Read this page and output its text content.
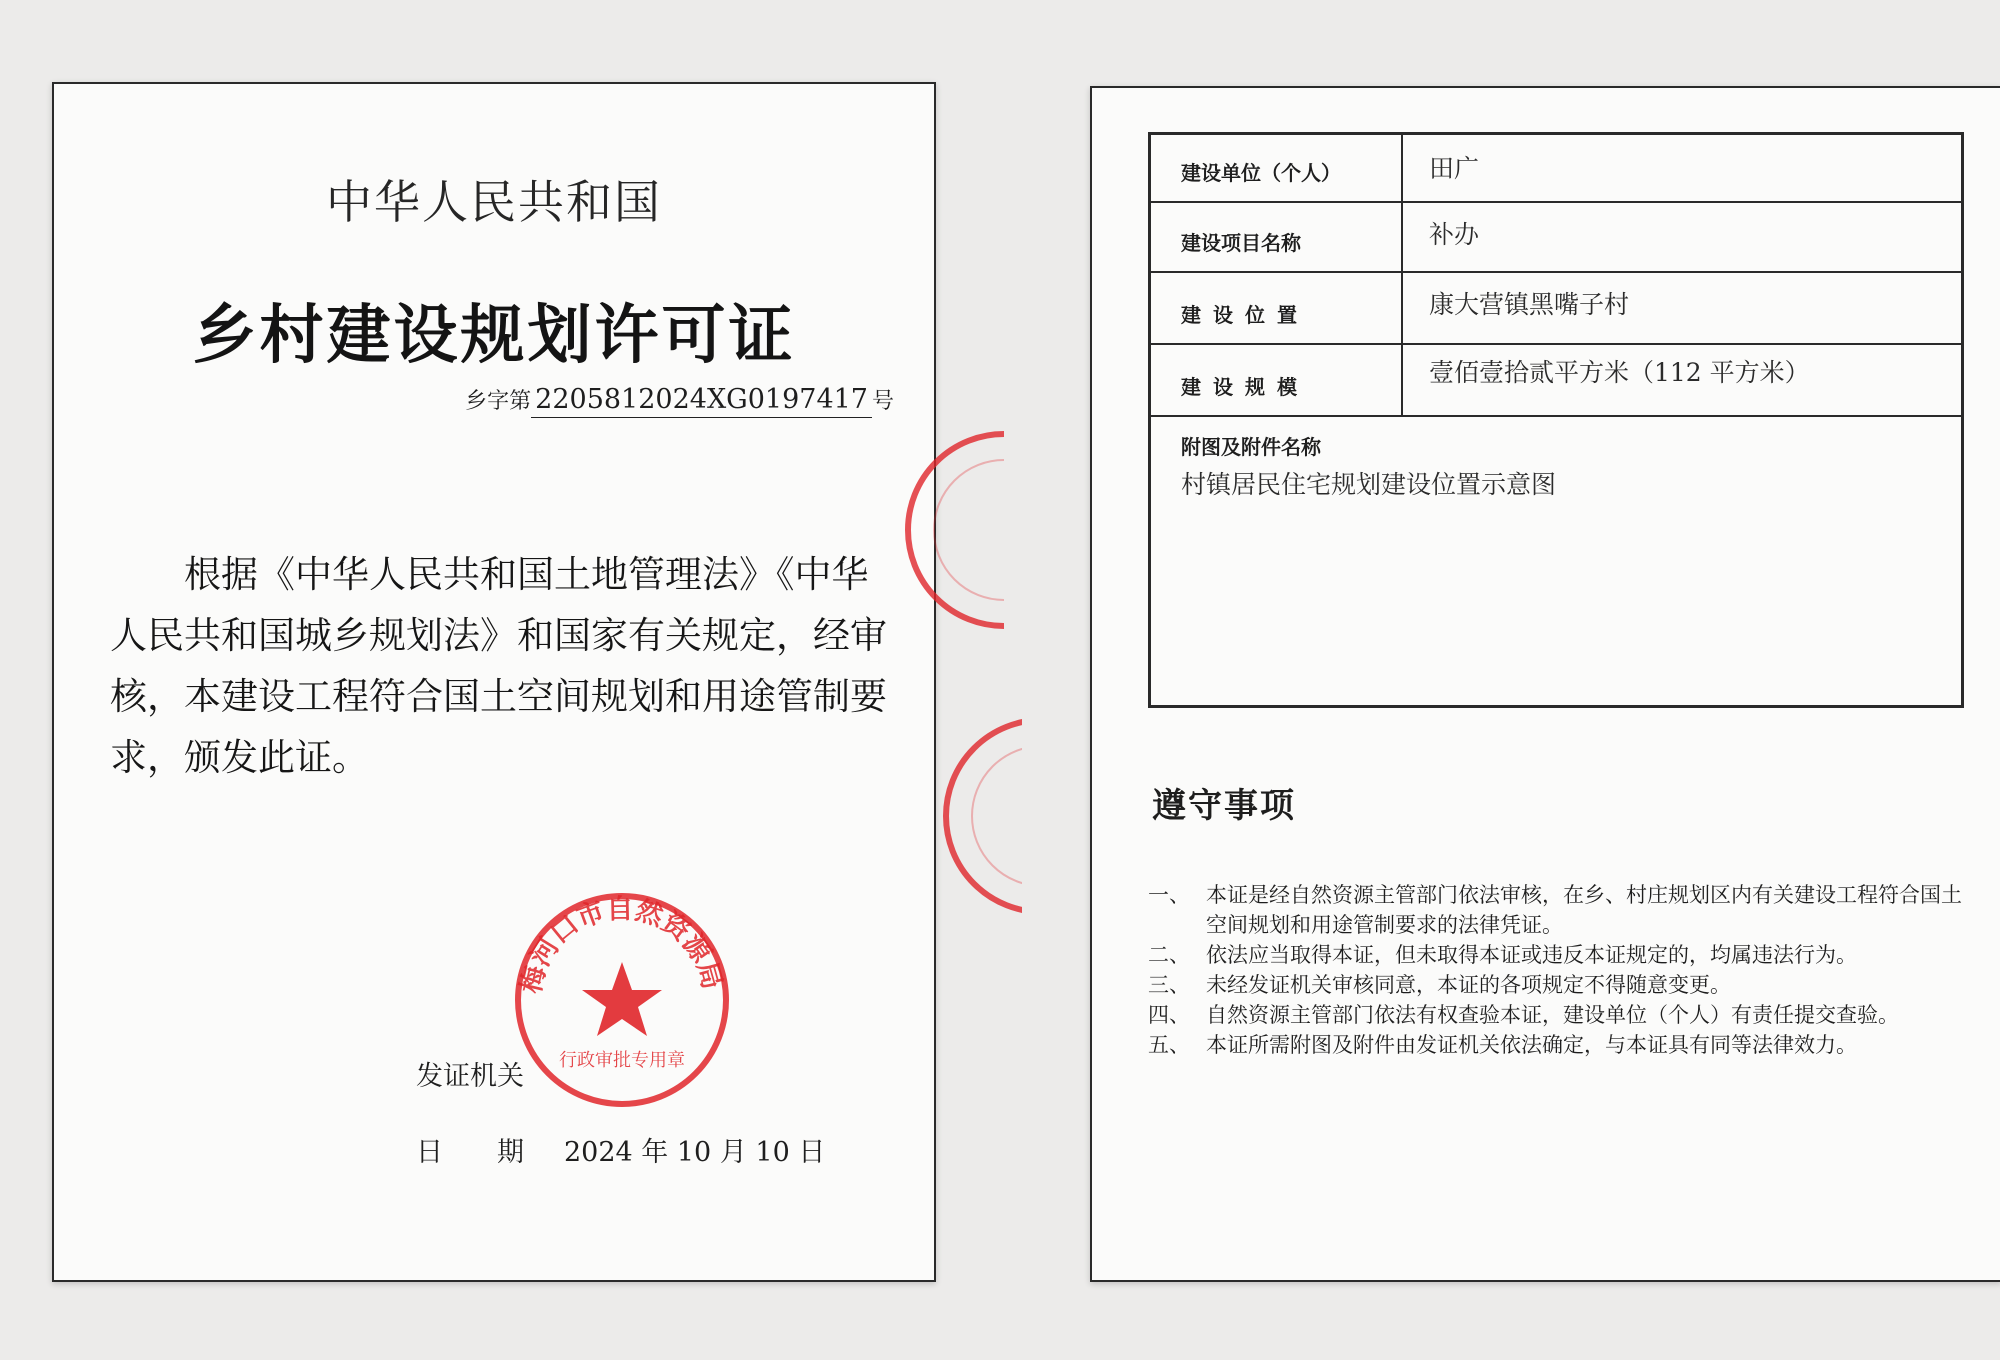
中华人民共和国
乡村建设规划许可证
乡字第 2205812024XG0197417 号
根据《中华人民共和国土地管理法》《中华人民共和国城乡规划法》和国家有关规定，经审核，本建设工程符合国土空间规划和用途管制要求，颁发此证。
发证机关
日　　期 2024 年 10 月 10 日
梅河口市自然资源局
行政审批专用章
建设单位（个人）	田广
建设项目名称	补办
建设位置	康大营镇黑嘴子村
建设规模	壹佰壹拾贰平方米（112 平方米）
附图及附件名称
村镇居民住宅规划建设位置示意图
遵守事项
一、 本证是经自然资源主管部门依法审核，在乡、村庄规划区内有关建设工程符合国土空间规划和用途管制要求的法律凭证。
二、 依法应当取得本证，但未取得本证或违反本证规定的，均属违法行为。
三、 未经发证机关审核同意，本证的各项规定不得随意变更。
四、 自然资源主管部门依法有权查验本证，建设单位（个人）有责任提交查验。
五、 本证所需附图及附件由发证机关依法确定，与本证具有同等法律效力。
